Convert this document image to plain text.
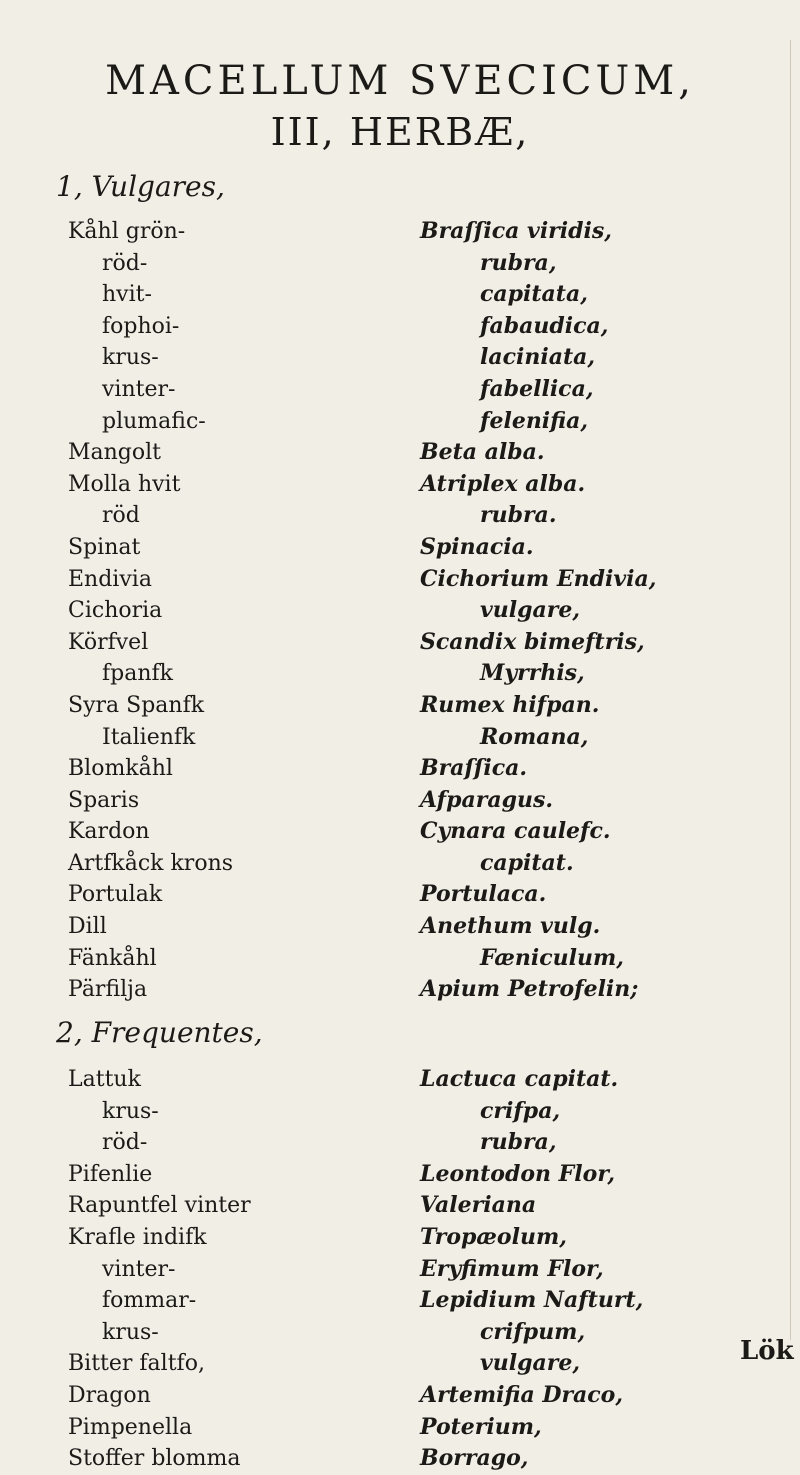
MACELLUM SVECICUM,
III, HERBÆ,
1, Vulgares,
Kåhl grön-
röd-
hvit-
fophoi-
krus-
vinter-
plumafic-
Mangolt
Molla hvit
röd
Spinat
Endivia
Cichoria
Körfvel
fpanfk
Syra Spanfk
Italienfk
Blomkåhl
Sparis
Kardon
Artfkåck krons
Portulak
Dill
Fänkåhl
Pärfilja
Braſſica viridis,
rubra,
capitata,
fabaudica,
laciniata,
fabellica,
felenifia,
Beta alba.
Atriplex alba.
rubra.
Spinacia.
Cichorium Endivia,
vulgare,
Scandix bimeftris,
Myrrhis,
Rumex hifpan.
Romana,
Braſſica.
Afparagus.
Cynara caulefc.
capitat.
Portulaca.
Anethum vulg.
Fæniculum,
Apium Petrofelin;
2, Frequentes,
Lattuk
krus-
röd-
Pifenlie
Rapuntfel vinter
Krafle indifk
vinter-
fommar-
krus-
Bitter faltfo,
Dragon
Pimpenella
Stoffer blomma
Lactuca capitat.
crifpa,
rubra,
Leontodon Flor,
Valeriana
Tropæolum,
Eryfimum Flor,
Lepidium Nafturt,
crifpum,
vulgare,
Artemifia Draco,
Poterium,
Borrago,
Lök
